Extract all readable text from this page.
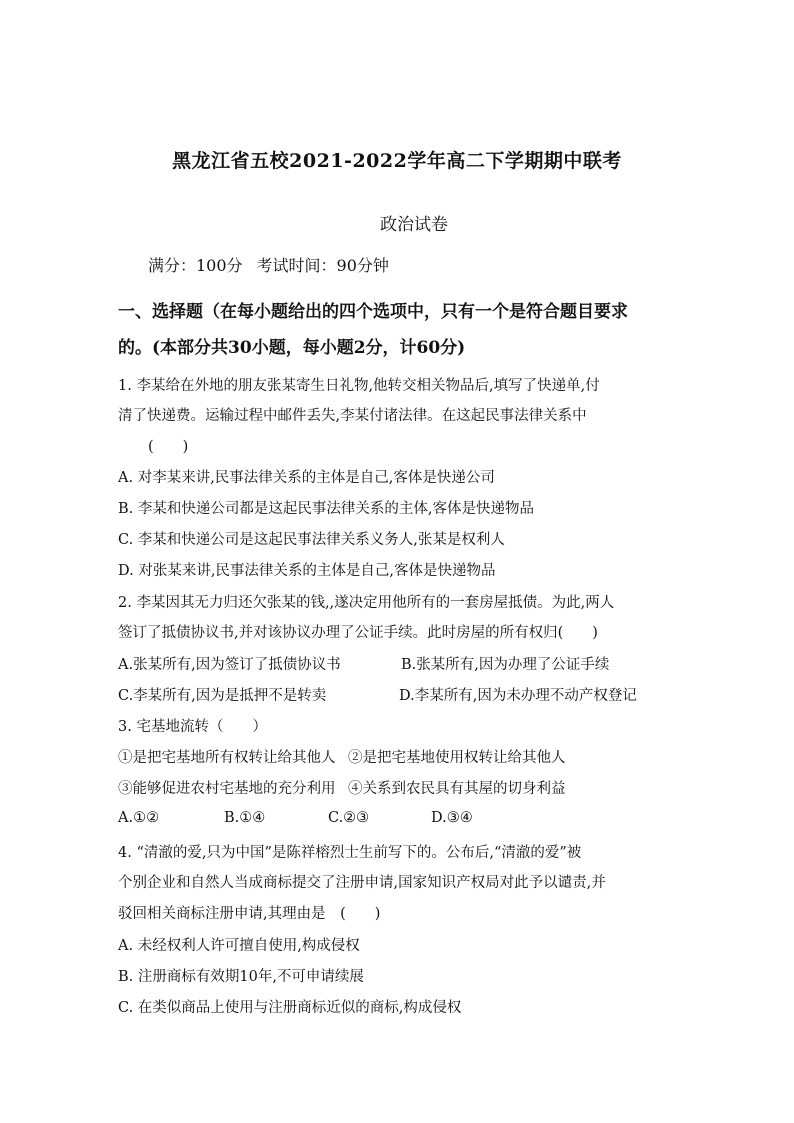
黑龙江省五校2021-2022学年高二下学期期中联考
政治试卷
满分：100分 考试时间：90分钟
一、选择题（在每小题给出的四个选项中，只有一个是符合题目要求
的。(本部分共30小题，每小题2分，计60分)
1. 李某给在外地的朋友张某寄生日礼物,他转交相关物品后,填写了快递单,付
清了快递费。运输过程中邮件丢失,李某付诸法律。在这起民事法律关系中
(　　)
A. 对李某来讲,民事法律关系的主体是自己,客体是快递公司
B. 李某和快递公司都是这起民事法律关系的主体,客体是快递物品
C. 李某和快递公司是这起民事法律关系义务人,张某是权利人
D. 对张某来讲,民事法律关系的主体是自己,客体是快递物品
2. 李某因其无力归还欠张某的钱,,遂决定用他所有的一套房屋抵债。为此,两人
签订了抵债协议书,并对该协议办理了公证手续。此时房屋的所有权归(　　)
A.张某所有,因为签订了抵债协议书	B.张某所有,因为办理了公证手续
C.李某所有,因为是抵押不是转卖	D.李某所有,因为未办理不动产权登记
3. 宅基地流转（　　）
①是把宅基地所有权转让给其他人 ②是把宅基地使用权转让给其他人
③能够促进农村宅基地的充分利用 ④关系到农民具有其屋的切身利益
A.①②	B.①④	C.②③	D.③④
4. “清澈的爱,只为中国”是陈祥榕烈士生前写下的。公布后,“清澈的爱”被
个别企业和自然人当成商标提交了注册申请,国家知识产权局对此予以谴责,并
驳回相关商标注册申请,其理由是　(　　)
A. 未经权利人许可擅自使用,构成侵权
B. 注册商标有效期10年,不可申请续展
C. 在类似商品上使用与注册商标近似的商标,构成侵权
